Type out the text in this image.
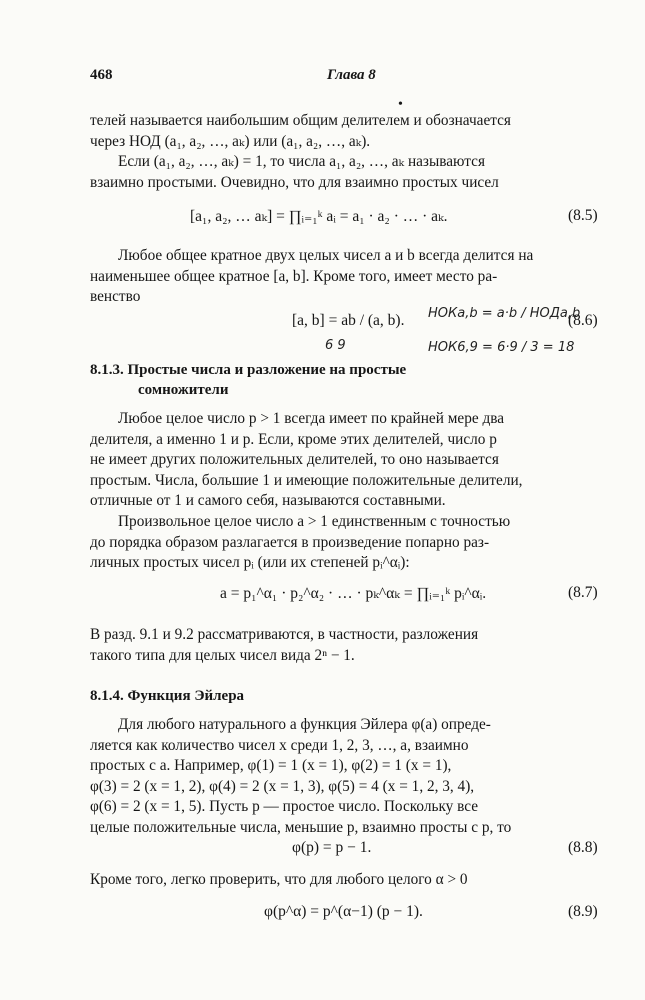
468	Глава 8
•
телей называется наибольшим общим делителем и обозначается
через НОД (a₁, a₂, …, aₖ) или (a₁, a₂, …, aₖ).
Если (a₁, a₂, …, aₖ) = 1, то числа a₁, a₂, …, aₖ называются
взаимно простыми. Очевидно, что для взаимно простых чисел
[a₁, a₂, … aₖ] = ∏ᵢ₌₁ᵏ aᵢ = a₁ · a₂ · … · aₖ.	(8.5)
Любое общее кратное двух целых чисел a и b всегда делится на
наименьшее общее кратное [a, b]. Кроме того, имеет место ра-
венство
[a, b] = ab / (a, b).	(8.6)
НОКa,b = a·b / НОДa,b
6 9	НОК6,9 = 6·9 / 3 = 18
8.1.3. Простые числа и разложение на простые
сомножители
Любое целое число p > 1 всегда имеет по крайней мере два
делителя, а именно 1 и p. Если, кроме этих делителей, число p
не имеет других положительных делителей, то оно называется
простым. Числа, большие 1 и имеющие положительные делители,
отличные от 1 и самого себя, называются составными.
Произвольное целое число a > 1 единственным с точностью
до порядка образом разлагается в произведение попарно раз-
личных простых чисел pᵢ (или их степеней pᵢ^αᵢ):
a = p₁^α₁ · p₂^α₂ · … · pₖ^αₖ = ∏ᵢ₌₁ᵏ pᵢ^αᵢ.	(8.7)
В разд. 9.1 и 9.2 рассматриваются, в частности, разложения
такого типа для целых чисел вида 2ⁿ − 1.
8.1.4. Функция Эйлера
Для любого натурального a функция Эйлера φ(a) опреде-
ляется как количество чисел x среди 1, 2, 3, …, a, взаимно
простых с a. Например, φ(1) = 1 (x = 1), φ(2) = 1 (x = 1),
φ(3) = 2 (x = 1, 2), φ(4) = 2 (x = 1, 3), φ(5) = 4 (x = 1, 2, 3, 4),
φ(6) = 2 (x = 1, 5). Пусть p — простое число. Поскольку все
целые положительные числа, меньшие p, взаимно просты с p, то
φ(p) = p − 1.	(8.8)
Кроме того, легко проверить, что для любого целого α > 0
φ(p^α) = p^(α−1) (p − 1).	(8.9)
